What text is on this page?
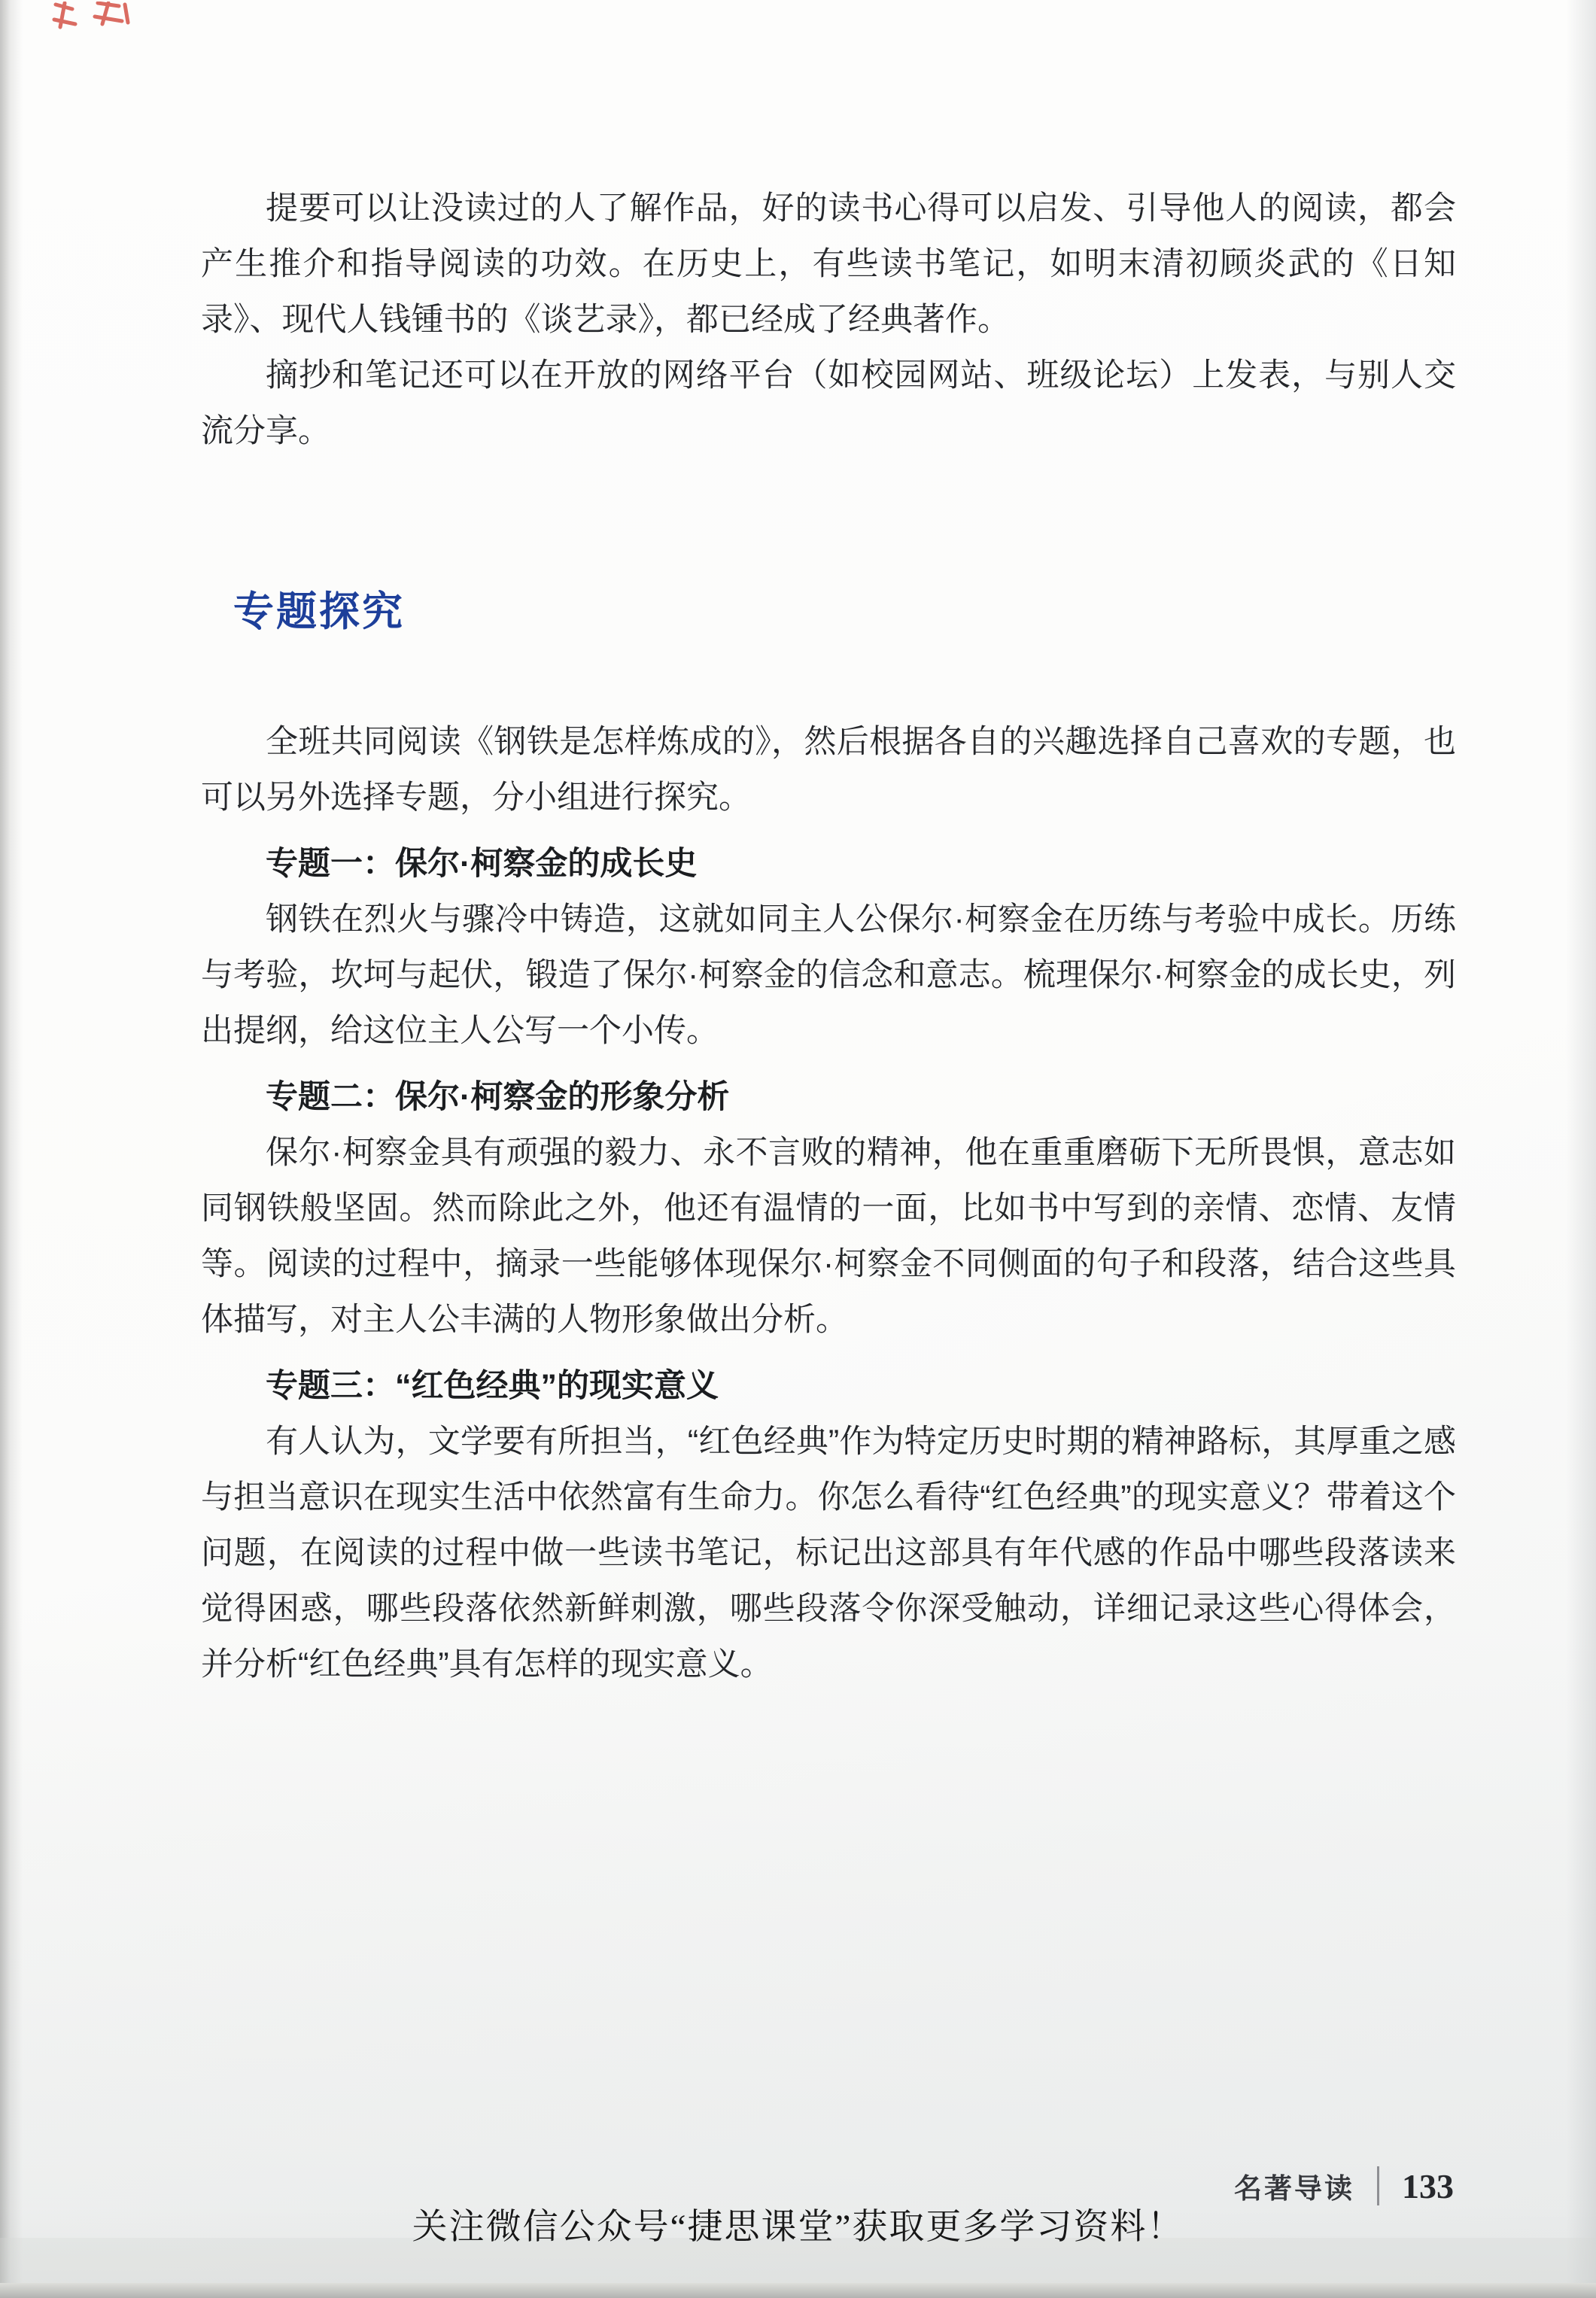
提要可以让没读过的人了解作品，好的读书心得可以启发、引导他人的阅读，都会产生推介和指导阅读的功效。在历史上，有些读书笔记，如明末清初顾炎武的《日知录》、现代人钱锺书的《谈艺录》，都已经成了经典著作。

摘抄和笔记还可以在开放的网络平台（如校园网站、班级论坛）上发表，与别人交流分享。

专题探究

全班共同阅读《钢铁是怎样炼成的》，然后根据各自的兴趣选择自己喜欢的专题，也可以另外选择专题，分小组进行探究。

专题一：保尔·柯察金的成长史

钢铁在烈火与骤冷中铸造，这就如同主人公保尔·柯察金在历练与考验中成长。历练与考验，坎坷与起伏，锻造了保尔·柯察金的信念和意志。梳理保尔·柯察金的成长史，列出提纲，给这位主人公写一个小传。

专题二：保尔·柯察金的形象分析

保尔·柯察金具有顽强的毅力、永不言败的精神，他在重重磨砺下无所畏惧，意志如同钢铁般坚固。然而除此之外，他还有温情的一面，比如书中写到的亲情、恋情、友情等。阅读的过程中，摘录一些能够体现保尔·柯察金不同侧面的句子和段落，结合这些具体描写，对主人公丰满的人物形象做出分析。

专题三：“红色经典”的现实意义

有人认为，文学要有所担当，“红色经典”作为特定历史时期的精神路标，其厚重之感与担当意识在现实生活中依然富有生命力。你怎么看待“红色经典”的现实意义？带着这个问题，在阅读的过程中做一些读书笔记，标记出这部具有年代感的作品中哪些段落读来觉得困惑，哪些段落依然新鲜刺激，哪些段落令你深受触动，详细记录这些心得体会，并分析“红色经典”具有怎样的现实意义。

名著导读 133
关注微信公众号“捷思课堂”获取更多学习资料！
